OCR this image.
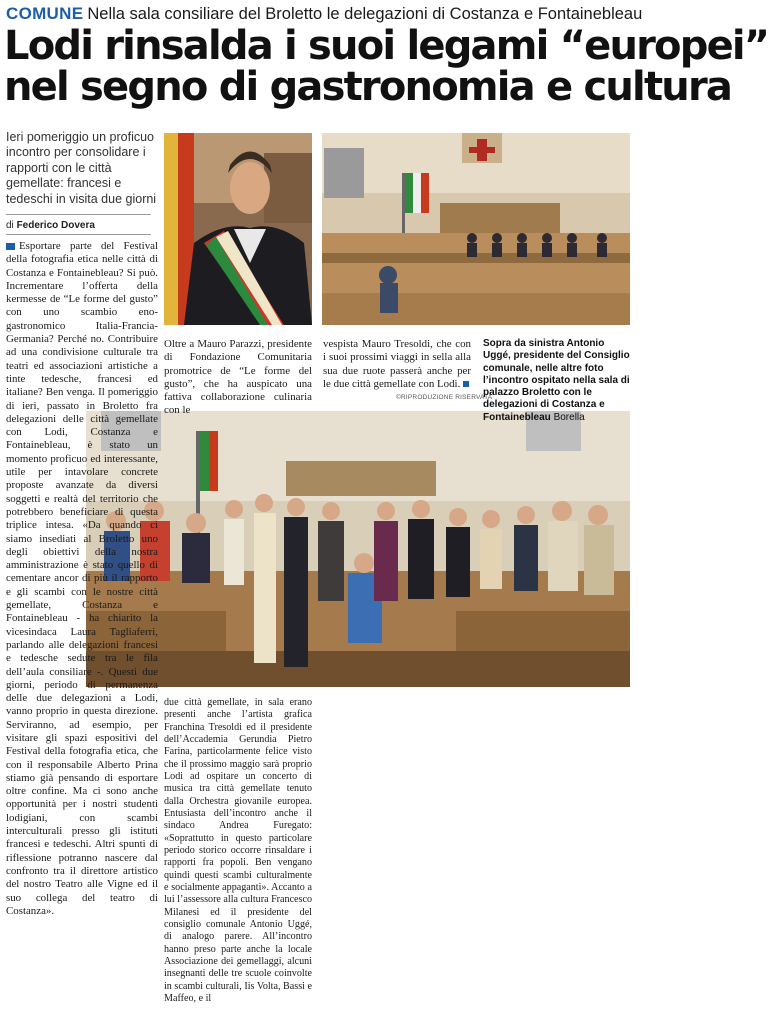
COMUNE Nella sala consiliare del Broletto le delegazioni di Costanza e Fontainebleau
Lodi rinsalda i suoi legami “europei”
nel segno di gastronomia e cultura
Ieri pomeriggio un proficuo incontro per consolidare i rapporti con le città gemellate: francesi e tedeschi in visita due giorni
di Federico Dovera

Esportare parte del Festival della fotografia etica nelle città di Costanza e Fontainebleau? Si può. Incrementare l’offerta della kermesse de “Le forme del gusto” con uno scambio eno-gastronomico Italia-Francia-Germania? Perché no. Contribuire ad una condivisione culturale tra teatri ed associazioni artistiche a tinte tedesche, francesi ed italiane? Ben venga. Il pomeriggio di ieri, passato in Broletto fra delegazioni delle città gemellate con Lodi, Costanza e Fontainebleau, è stato un momento proficuo ed interessante, utile per intavolare concrete proposte avanzate da diversi soggetti e realtà del territorio che potrebbero beneficiare di questa triplice intesa. «Da quando ci siamo insediati al Broletto uno degli obiettivi della nostra amministrazione è stato quello di cementare ancor di più il rapporto e gli scambi con le nostre città gemellate, Costanza e Fontainebleau - ha chiarito la vicesindaca Laura Tagliaferri, parlando alle delegazioni francesi e tedesche sedute tra le fila dell’aula consiliare -. Questi due giorni, periodo di permanenza delle due delegazioni a Lodi, vanno proprio in questa direzione. Serviranno, ad esempio, per visitare gli spazi espositivi del Festival della fotografia etica, che con il responsabile Alberto Prina stiamo già pensando di esportare oltre confine. Ma ci sono anche opportunità per i nostri studenti lodigiani, con scambi interculturali presso gli istituti francesi e tedeschi. Altri spunti di riflessione potranno nascere dal confronto tra il direttore artistico del nostro Teatro alle Vigne ed il suo collega del teatro di Costanza».

Oltre a Mauro Parazzi, presidente di Fondazione Comunitaria promotrice de “Le forme del gusto”, che ha auspicato una fattiva collaborazione culinaria con le

vespista Mauro Tresoldi, che con i suoi prossimi viaggi in sella alla sua due ruote passerà anche per le due città gemellate con Lodi.

due città gemellate, in sala erano presenti anche l’artista grafica Franchina Tresoldi ed il presidente dell’Accademia Gerundia Pietro Farina, particolarmente felice visto che il prossimo maggio sarà proprio Lodi ad ospitare un concerto di musica tra città gemellate tenuto dalla Orchestra giovanile europea. Entusiasta dell’incontro anche il sindaco Andrea Furegato: «Soprattutto in questo particolare periodo storico occorre rinsaldare i rapporti fra popoli. Ben vengano quindi questi scambi culturalmente e socialmente appaganti». Accanto a lui l’assessore alla cultura Francesco Milanesi ed il presidente del consiglio comunale Antonio Uggé, di analogo parere. All’incontro hanno preso parte anche la locale Associazione dei gemellaggi, alcuni insegnanti delle tre scuole coinvolte in scambi culturali, Iis Volta, Bassi e Maffeo, e il

Sopra da sinistra Antonio Uggé, presidente del Consiglio comunale, nelle altre foto l’incontro ospitato nella sala di palazzo Broletto con le delegazioni di Costanza e Fontainebleau Borella
©RIPRODUZIONE RISERVATA
